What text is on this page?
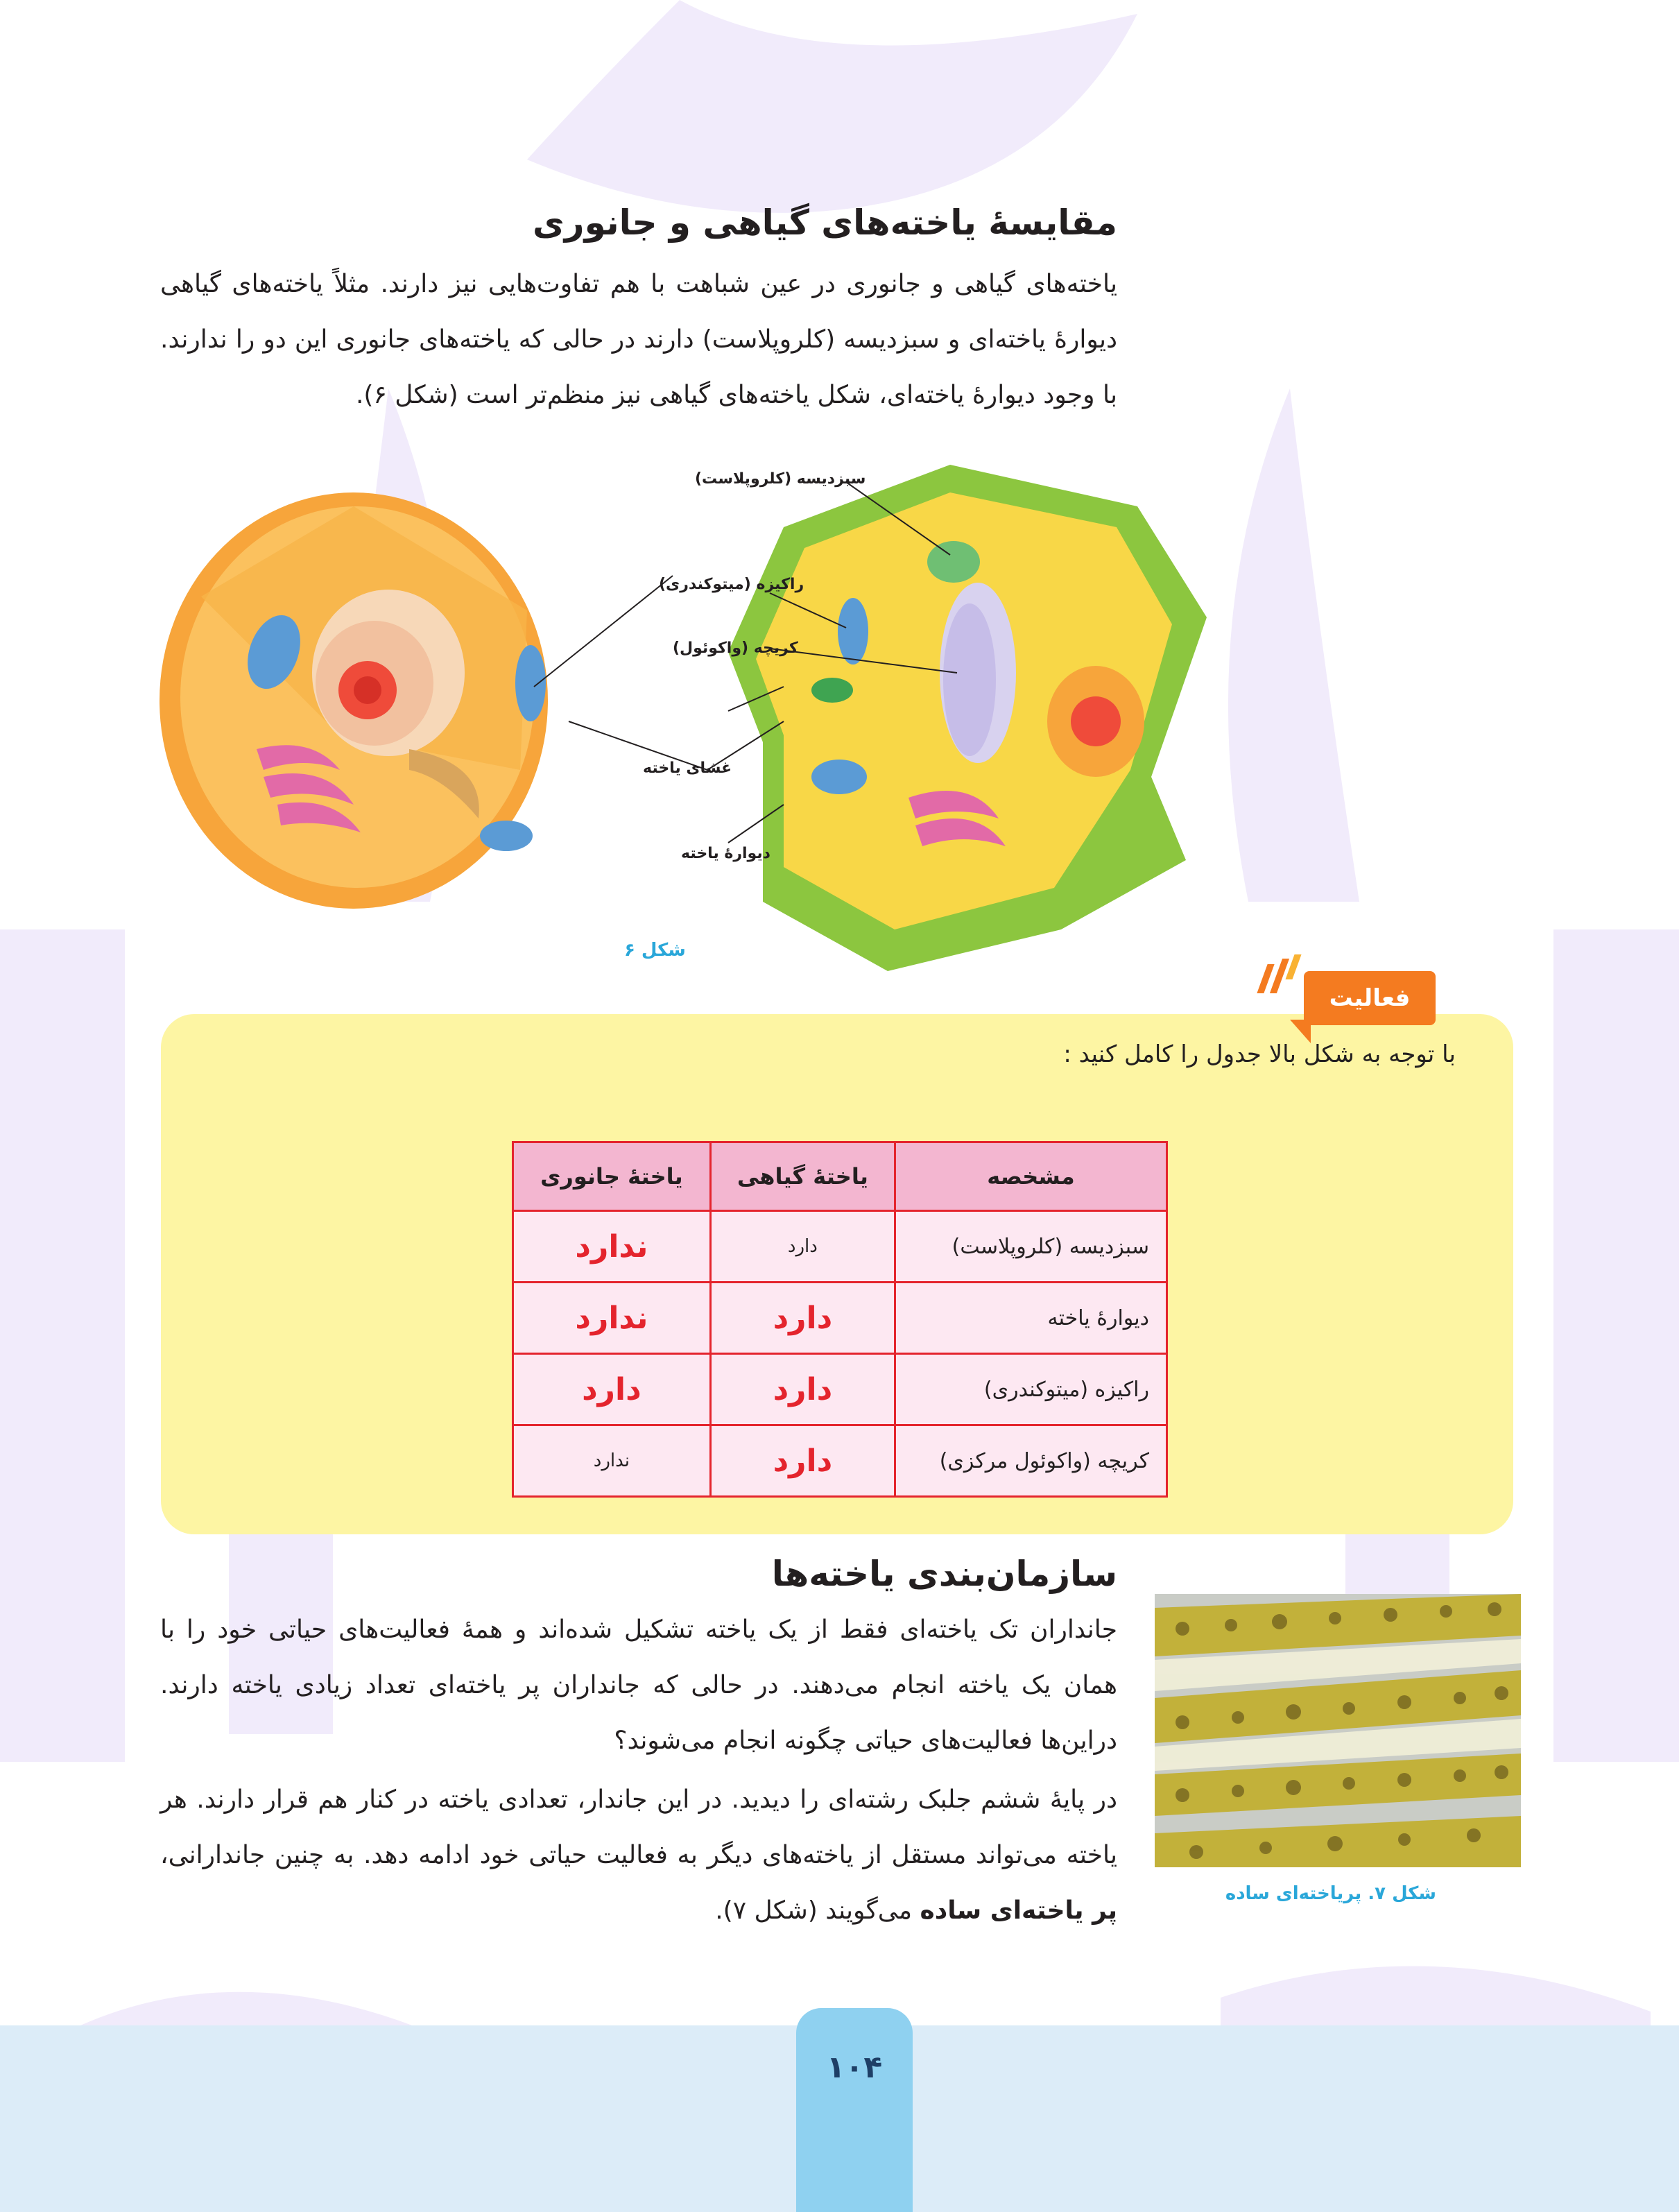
۱۰۴
مقایسهٔ یاخته‌های گیاهی و جانوری

یاخته‌های گیاهی و جانوری در عین شباهت با هم تفاوت‌هایی نیز دارند. مثلاً یاخته‌های گیاهی دیوارهٔ یاخته‌ای و سبزدیسه (کلروپلاست) دارند در حالی که یاخته‌های جانوری این دو را ندارند. با وجود دیوارهٔ یاخته‌ای، شکل یاخته‌های گیاهی نیز منظم‌تر است (شکل ۶).

سبزدیسه (کلروپلاست)
راکیزه (میتوکندری)
کریچه (واکوئول)
غشای یاخته
دیوارهٔ یاخته
شکل ۶
فعالیت
با توجه به شکل بالا جدول را کامل کنید :
مشخصه	یاختهٔ گیاهی	یاختهٔ جانوری
سبزدیسه (کلروپلاست)	دارد	ندارد
دیوارهٔ یاخته	دارد	ندارد
راکیزه (میتوکندری)	دارد	دارد
کریچه (واکوئول مرکزی)	دارد	ندارد
سازمان‌بندی یاخته‌ها

جانداران تک یاخته‌ای فقط از یک یاخته تشکیل شده‌اند و همهٔ فعالیت‌های حیاتی خود را با همان یک یاخته انجام می‌دهند. در حالی که جانداران پر یاخته‌ای تعداد زیادی یاخته دارند. دراین‌ها فعالیت‌های حیاتی چگونه انجام می‌شوند؟

در پایهٔ ششم جلبک رشته‌ای را دیدید. در این جاندار، تعدادی یاخته در کنار هم قرار دارند. هر یاخته می‌تواند مستقل از یاخته‌های دیگر به فعالیت حیاتی خود ادامه دهد. به چنین جاندارانی، پر یاخته‌ای ساده می‌گویند (شکل ۷).

شکل ۷. پریاخته‌ای ساده
